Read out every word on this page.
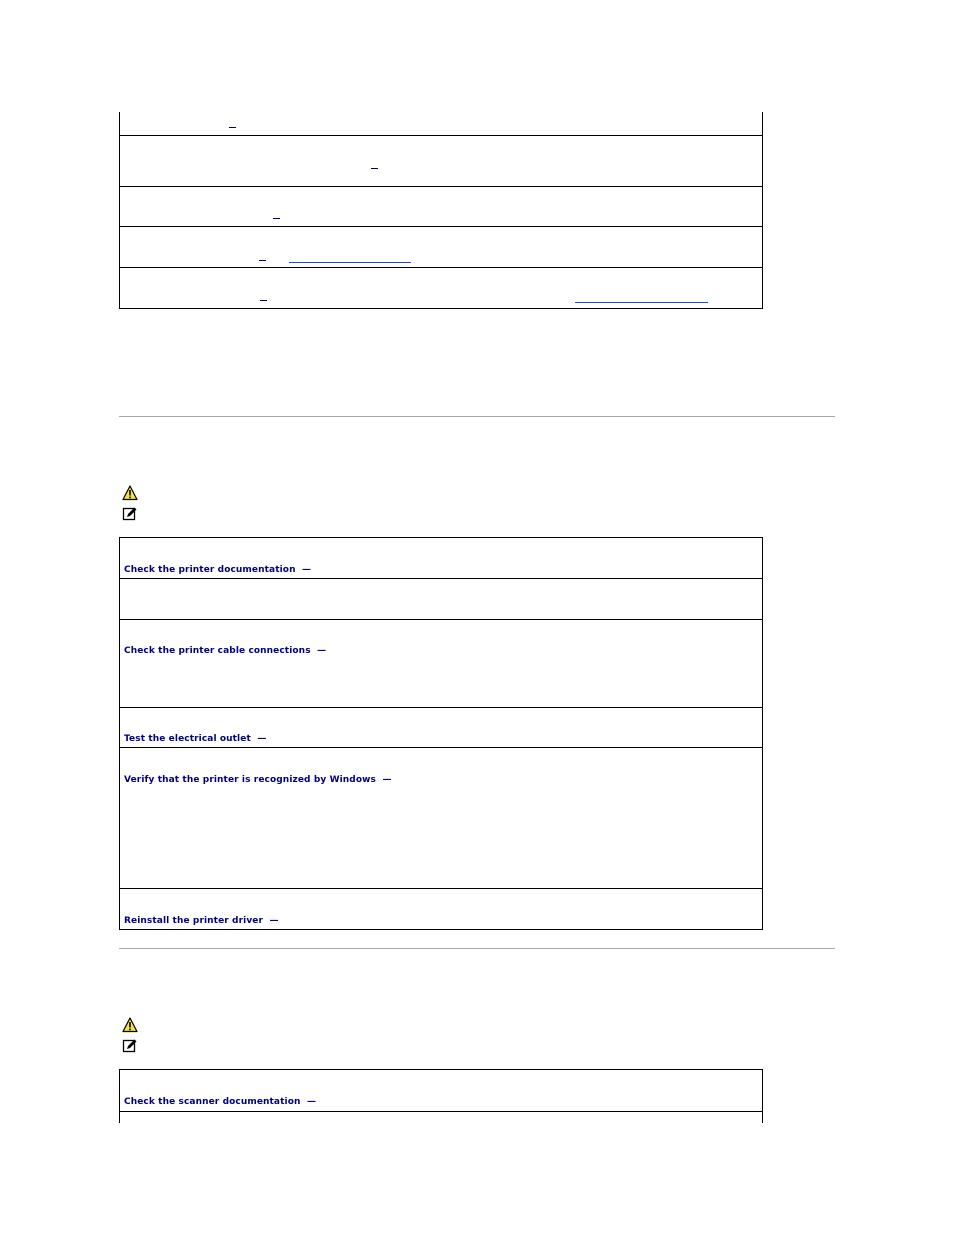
Check the printer documentation —
Check the printer cable connections —
Test the electrical outlet —
Verify that the printer is recognized by Windows —
Reinstall the printer driver —
Check the scanner documentation —
